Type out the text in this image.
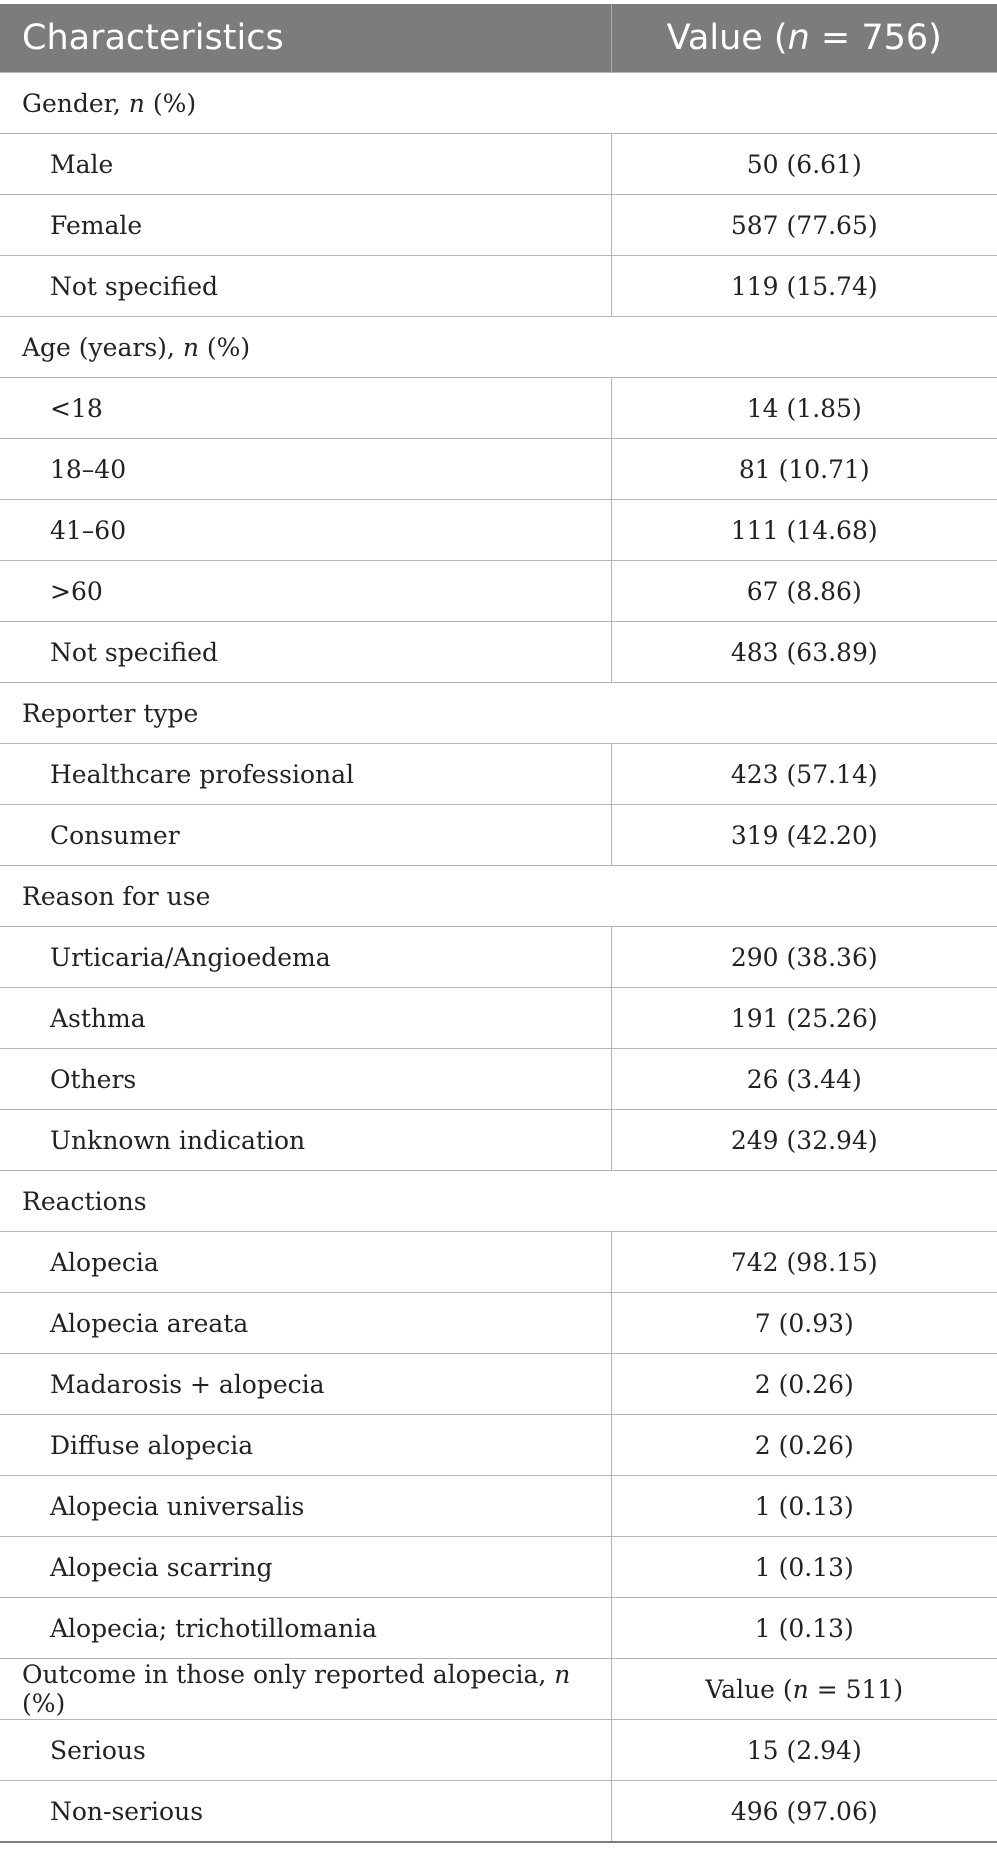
Characteristics	Value (n = 756)
Gender, n (%)	
Male	50 (6.61)
Female	587 (77.65)
Not specified	119 (15.74)
Age (years), n (%)	
<18	14 (1.85)
18–40	81 (10.71)
41–60	111 (14.68)
>60	67 (8.86)
Not specified	483 (63.89)
Reporter type	
Healthcare professional	423 (57.14)
Consumer	319 (42.20)
Reason for use	
Urticaria/Angioedema	290 (38.36)
Asthma	191 (25.26)
Others	26 (3.44)
Unknown indication	249 (32.94)
Reactions	
Alopecia	742 (98.15)
Alopecia areata	7 (0.93)
Madarosis + alopecia	2 (0.26)
Diffuse alopecia	2 (0.26)
Alopecia universalis	1 (0.13)
Alopecia scarring	1 (0.13)
Alopecia; trichotillomania	1 (0.13)
Outcome in those only reported alopecia, n (%)	Value (n = 511)
Serious	15 (2.94)
Non-serious	496 (97.06)
